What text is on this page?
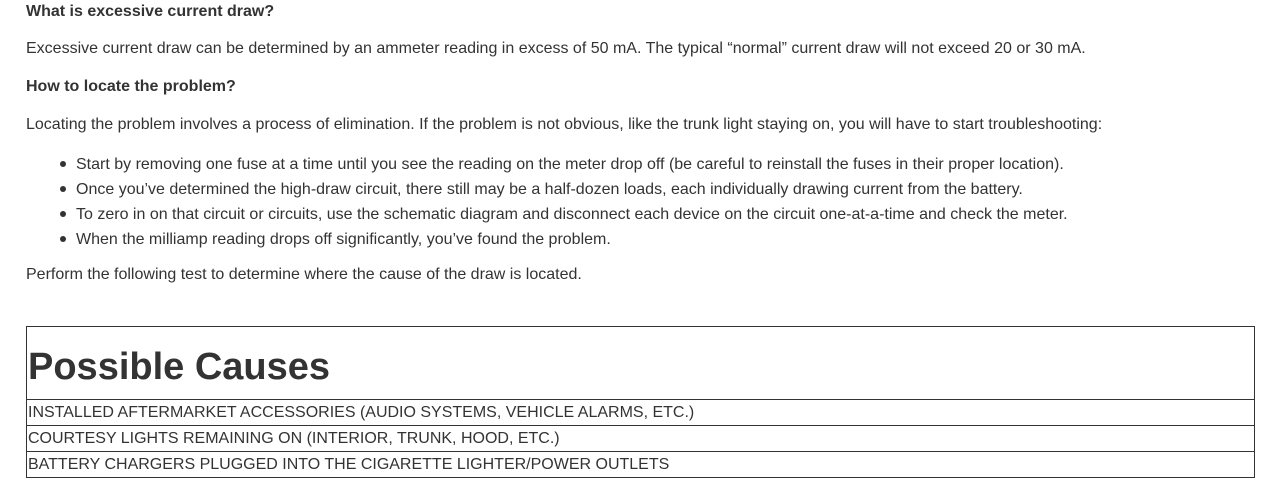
What is excessive current draw?

Excessive current draw can be determined by an ammeter reading in excess of 50 mA. The typical “normal” current draw will not exceed 20 or 30 mA.

How to locate the problem?

Locating the problem involves a process of elimination. If the problem is not obvious, like the trunk light staying on, you will have to start troubleshooting:

Start by removing one fuse at a time until you see the reading on the meter drop off (be careful to reinstall the fuses in their proper location).
Once you’ve determined the high-draw circuit, there still may be a half-dozen loads, each individually drawing current from the battery.
To zero in on that circuit or circuits, use the schematic diagram and disconnect each device on the circuit one-at-a-time and check the meter.
When the milliamp reading drops off significantly, you’ve found the problem.

Perform the following test to determine where the cause of the draw is located.

Possible Causes
INSTALLED AFTERMARKET ACCESSORIES (AUDIO SYSTEMS, VEHICLE ALARMS, ETC.)
COURTESY LIGHTS REMAINING ON (INTERIOR, TRUNK, HOOD, ETC.)
BATTERY CHARGERS PLUGGED INTO THE CIGARETTE LIGHTER/POWER OUTLETS
